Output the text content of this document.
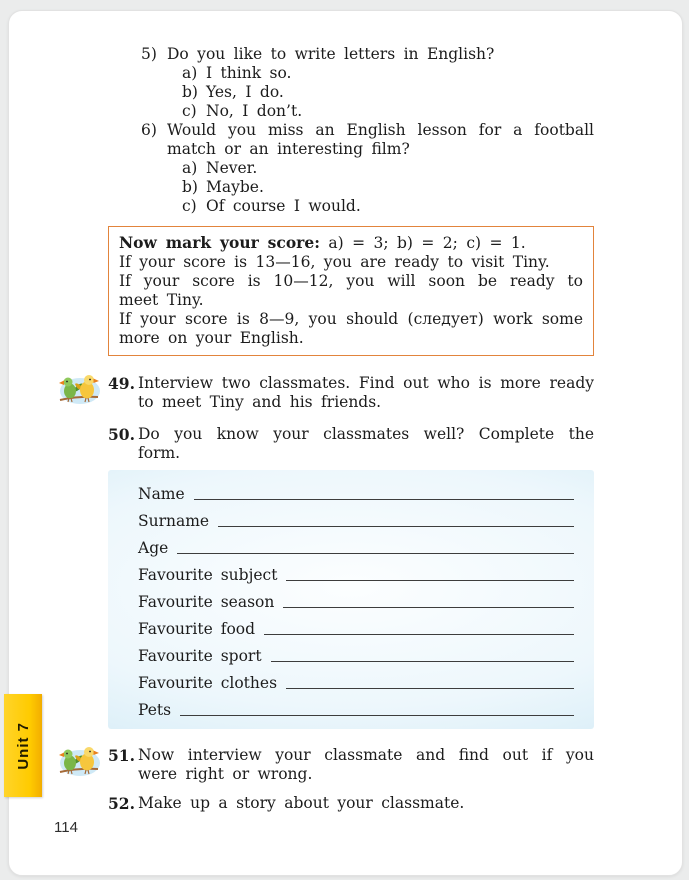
5) Do you like to write letters in English?
a) I think so.
b) Yes, I do.
c) No, I don’t.
6) Would you miss an English lesson for a football match or an interesting film?
a) Never.
b) Maybe.
c) Of course I would.
Now mark your score: a) = 3; b) = 2; c) = 1.
If your score is 13—16, you are ready to visit Tiny.
If your score is 10—12, you will soon be ready to meet Tiny.
If your score is 8—9, you should (следует) work some more on your English.
49. Interview two classmates. Find out who is more ready to meet Tiny and his friends.
50. Do you know your classmates well? Complete the form.
Name
Surname
Age
Favourite subject
Favourite season
Favourite food
Favourite sport
Favourite clothes
Pets
51. Now interview your classmate and find out if you were right or wrong.
52. Make up a story about your classmate.
Unit 7
114
